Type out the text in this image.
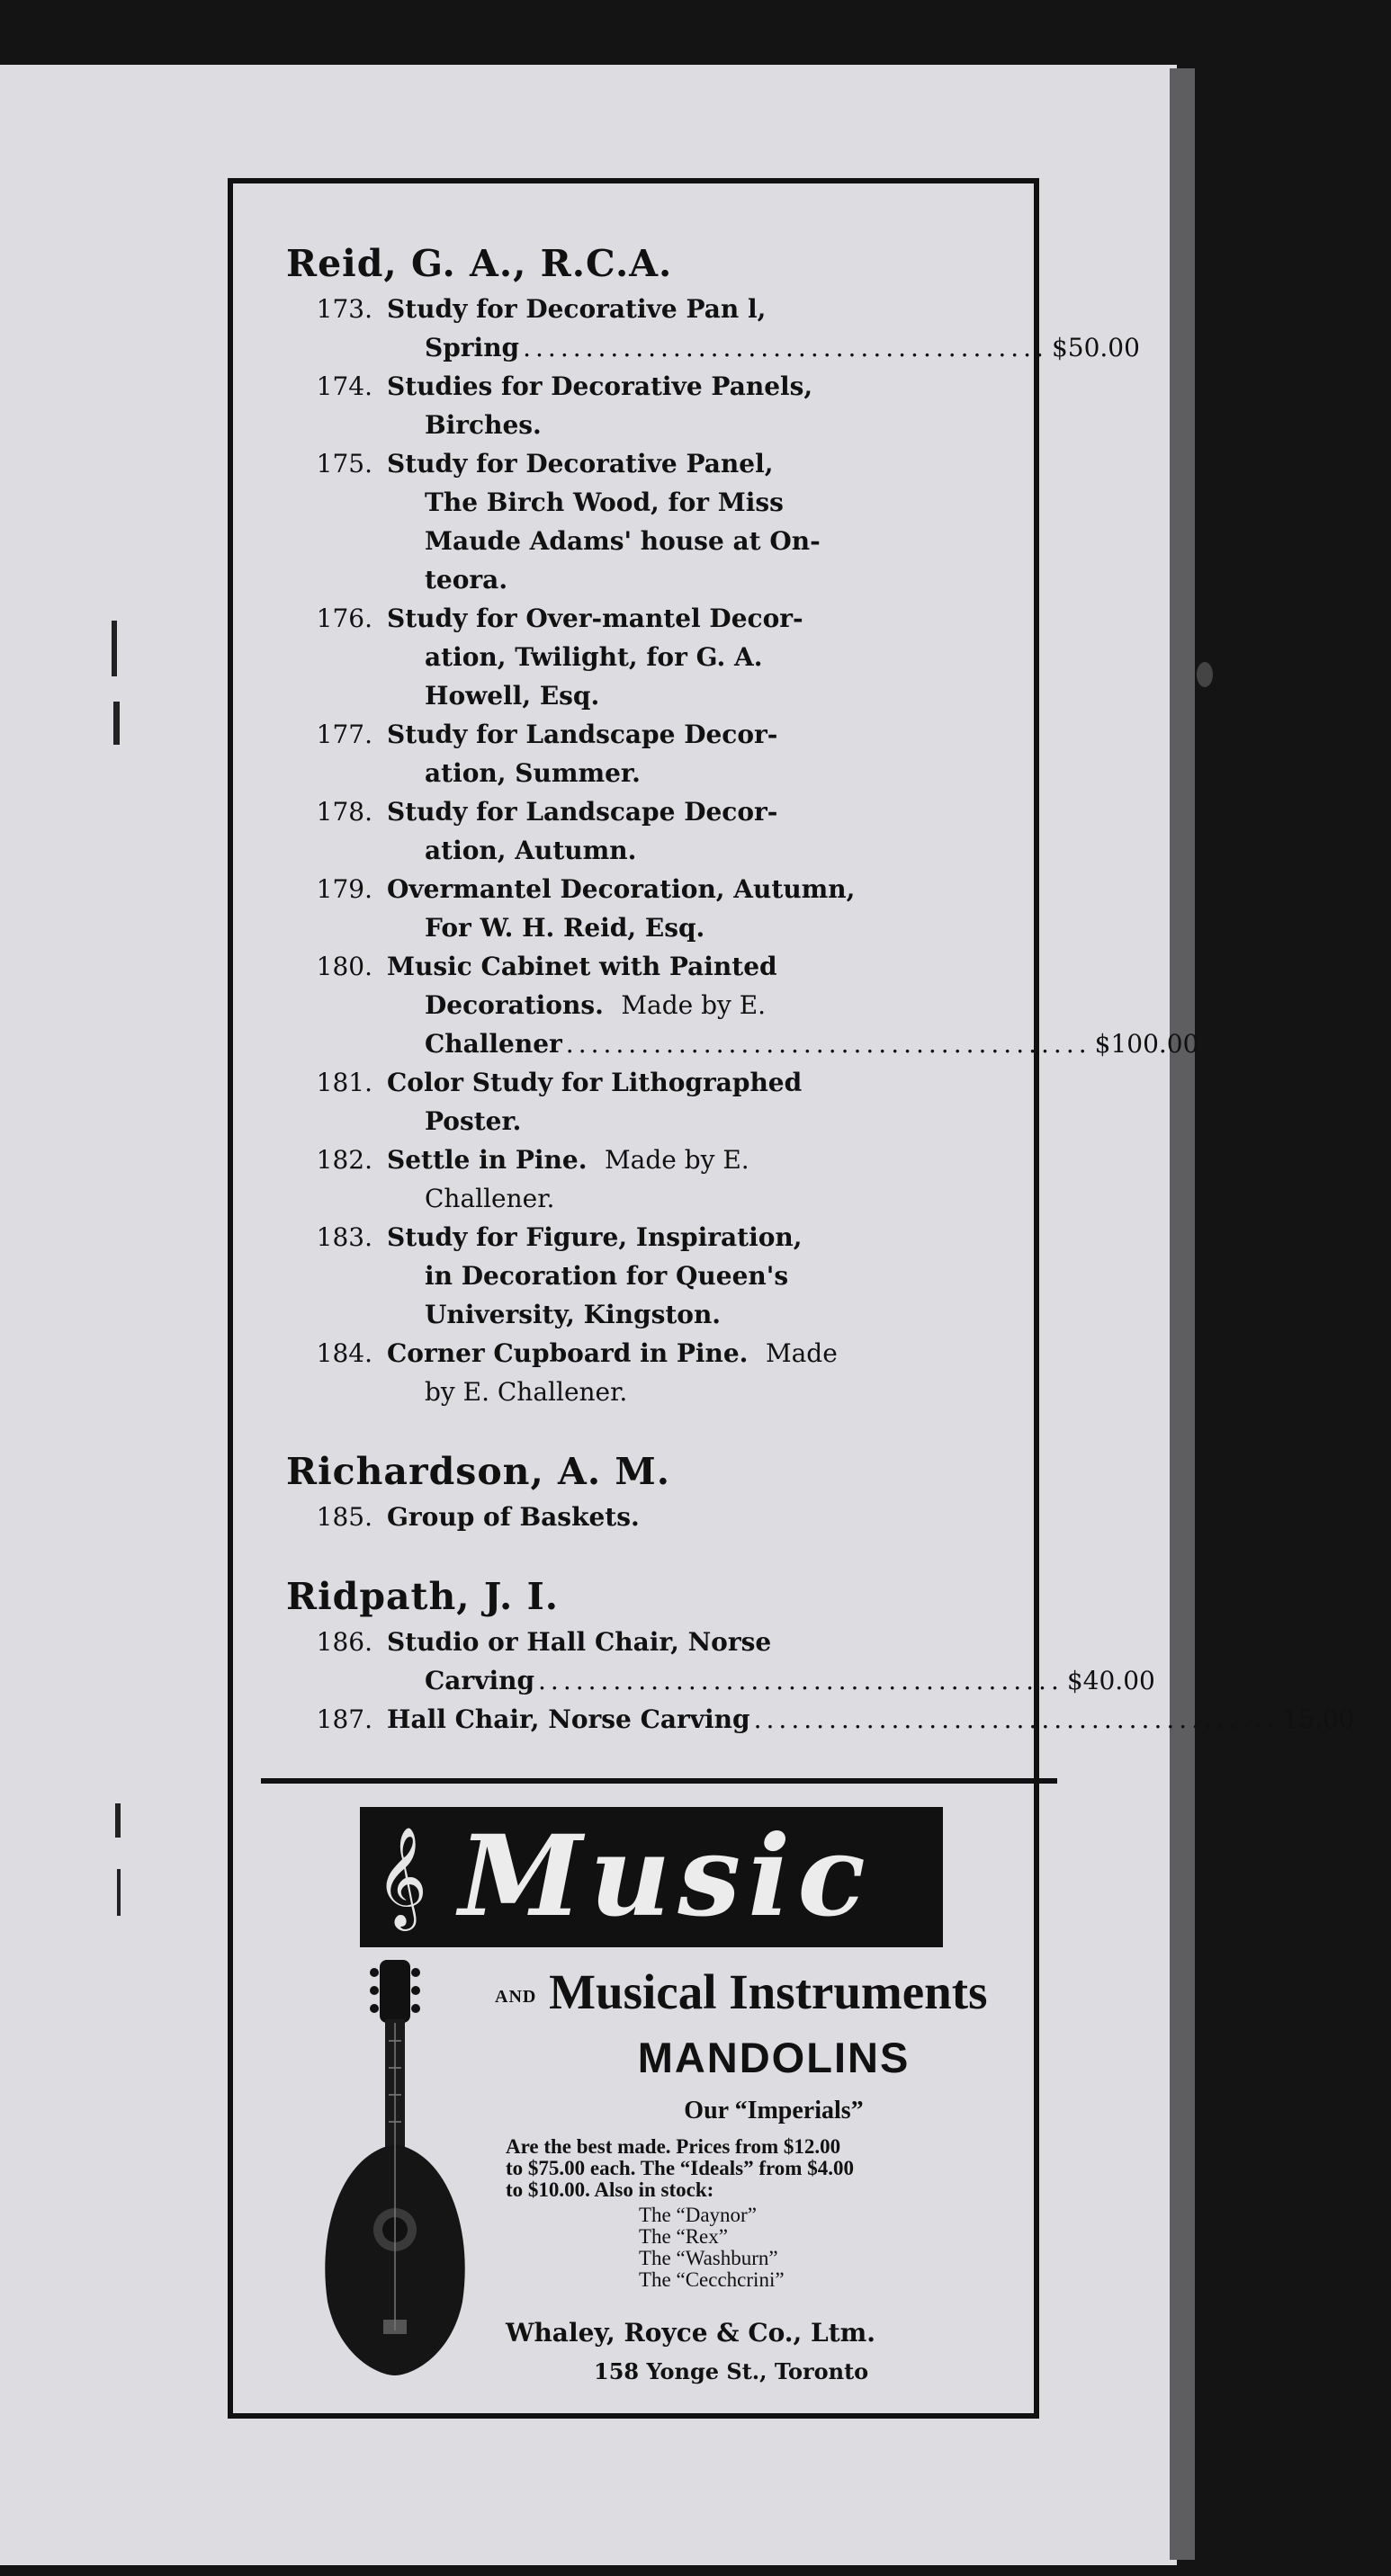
Reid, G. A., R.C.A.
173. Study for Decorative Pan l,
Spring .......................................... $50.00
174. Studies for Decorative Panels,
Birches.
175. Study for Decorative Panel,
The Birch Wood, for Miss
Maude Adams' house at On-
teora.
176. Study for Over-mantel Decor-
ation, Twilight, for G. A.
Howell, Esq.
177. Study for Landscape Decor-
ation, Summer.
178. Study for Landscape Decor-
ation, Autumn.
179. Overmantel Decoration, Autumn,
For W. H. Reid, Esq.
180. Music Cabinet with Painted
Decorations. Made by E.
Challener .......................................... $100.00
181. Color Study for Lithographed
Poster.
182. Settle in Pine. Made by E.
Challener.
183. Study for Figure, Inspiration,
in Decoration for Queen's
University, Kingston.
184. Corner Cupboard in Pine. Made
by E. Challener.
Richardson, A. M.
185. Group of Baskets.
Ridpath, J. I.
186. Studio or Hall Chair, Norse
Carving .......................................... $40.00
187. Hall Chair, Norse Carving .......................................... 15.00
𝄞 Music
AND Musical Instruments
MANDOLINS
Our “Imperials”
Are the best made. Prices from $12.00
to $75.00 each. The “Ideals” from $4.00
to $10.00. Also in stock:
The “Daynor”
The “Rex”
The “Washburn”
The “Cecchcrini”
Whaley, Royce & Co., Ltm.
158 Yonge St., Toronto
